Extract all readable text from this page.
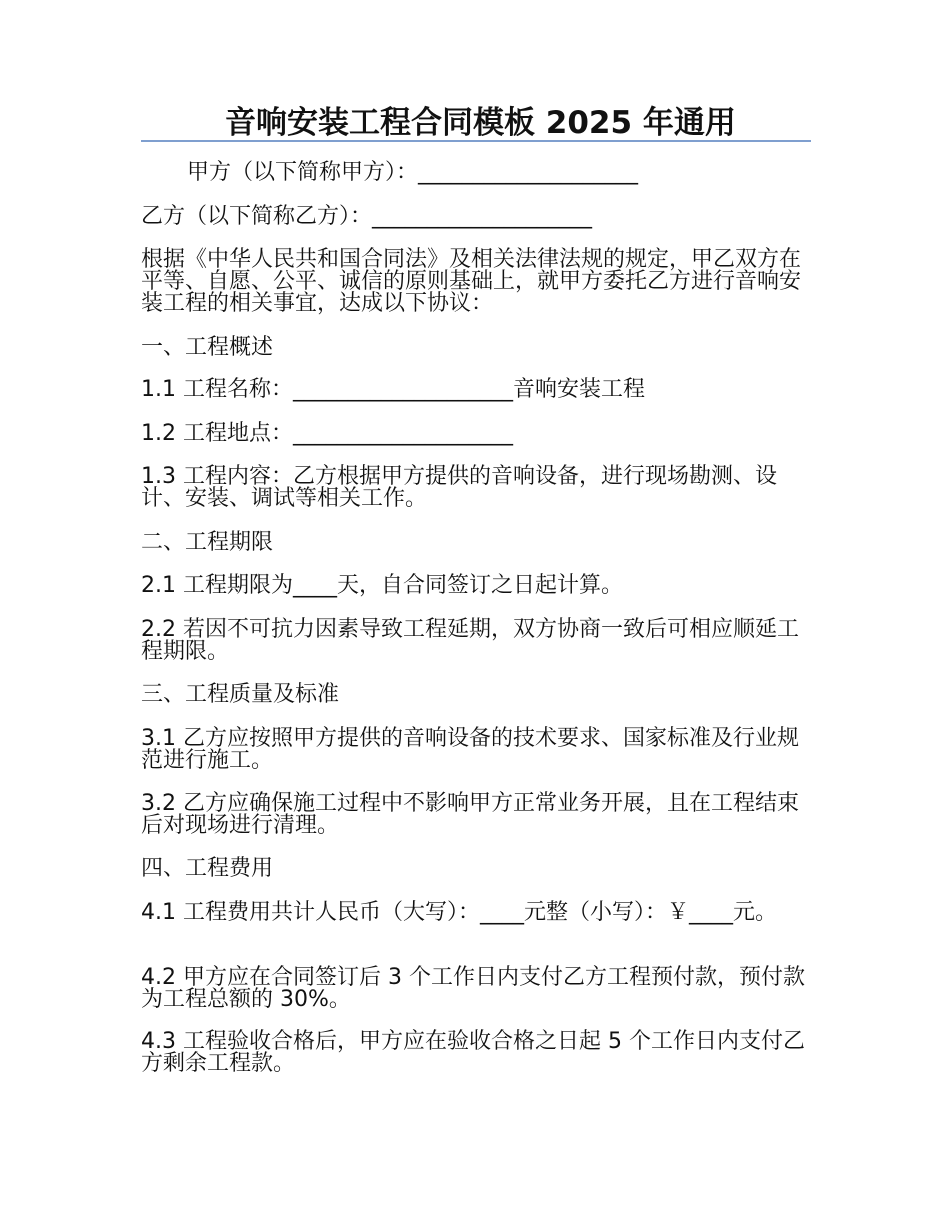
音响安装工程合同模板 2025 年通用
甲方（以下简称甲方）：____________________
乙方（以下简称乙方）：____________________
根据《中华人民共和国合同法》及相关法律法规的规定，甲乙双方在平等、自愿、公平、诚信的原则基础上，就甲方委托乙方进行音响安装工程的相关事宜，达成以下协议：
一、工程概述
1.1 工程名称：____________________音响安装工程
1.2 工程地点：____________________
1.3 工程内容：乙方根据甲方提供的音响设备，进行现场勘测、设计、安装、调试等相关工作。
二、工程期限
2.1 工程期限为____天，自合同签订之日起计算。
2.2 若因不可抗力因素导致工程延期，双方协商一致后可相应顺延工程期限。
三、工程质量及标准
3.1 乙方应按照甲方提供的音响设备的技术要求、国家标准及行业规范进行施工。
3.2 乙方应确保施工过程中不影响甲方正常业务开展，且在工程结束后对现场进行清理。
四、工程费用
4.1 工程费用共计人民币（大写）：____元整（小写）：￥____元。
4.2 甲方应在合同签订后 3 个工作日内支付乙方工程预付款，预付款为工程总额的 30%。
4.3 工程验收合格后，甲方应在验收合格之日起 5 个工作日内支付乙方剩余工程款。
